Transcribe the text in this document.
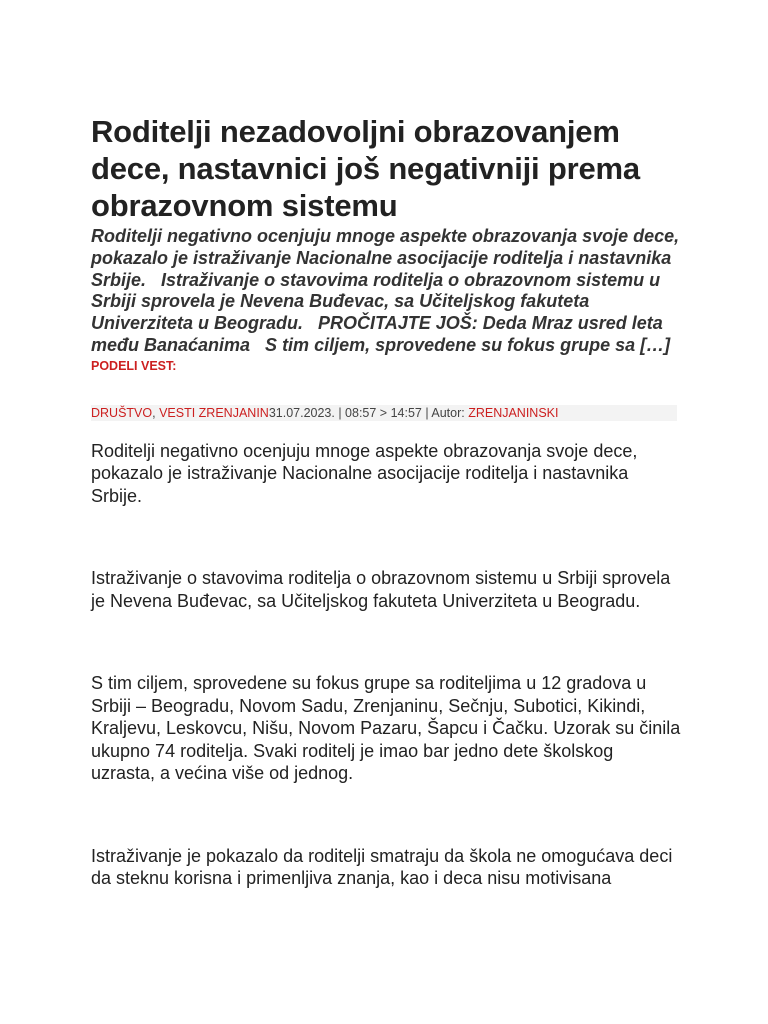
Roditelji nezadovoljni obrazovanjem dece, nastavnici još negativniji prema obrazovnom sistemu

Roditelji negativno ocenjuju mnoge aspekte obrazovanja svoje dece, pokazalo je istraživanje Nacionalne asocijacije roditelja i nastavnika Srbije.   Istraživanje o stavovima roditelja o obrazovnom sistemu u Srbiji sprovela je Nevena Buđevac, sa Učiteljskog fakuteta Univerziteta u Beogradu.   PROČITAJTE JOŠ: Deda Mraz usred leta među Banaćanima   S tim ciljem, sprovedene su fokus grupe sa […]

PODELI VEST:
DRUŠTVO, VESTI ZRENJANIN31.07.2023. | 08:57 > 14:57 | Autor: ZRENJANINSKI

Roditelji negativno ocenjuju mnoge aspekte obrazovanja svoje dece, pokazalo je istraživanje Nacionalne asocijacije roditelja i nastavnika Srbije.

Istraživanje o stavovima roditelja o obrazovnom sistemu u Srbiji sprovela je Nevena Buđevac, sa Učiteljskog fakuteta Univerziteta u Beogradu.

S tim ciljem, sprovedene su fokus grupe sa roditeljima u 12 gradova u Srbiji – Beogradu, Novom Sadu, Zrenjaninu, Sečnju, Subotici, Kikindi, Kraljevu, Leskovcu, Nišu, Novom Pazaru, Šapcu i Čačku. Uzorak su činila ukupno 74 roditelja. Svaki roditelj je imao bar jedno dete školskog uzrasta, a većina više od jednog.

Istraživanje je pokazalo da roditelji smatraju da škola ne omogućava deci da steknu korisna i primenljiva znanja, kao i deca nisu motivisana
